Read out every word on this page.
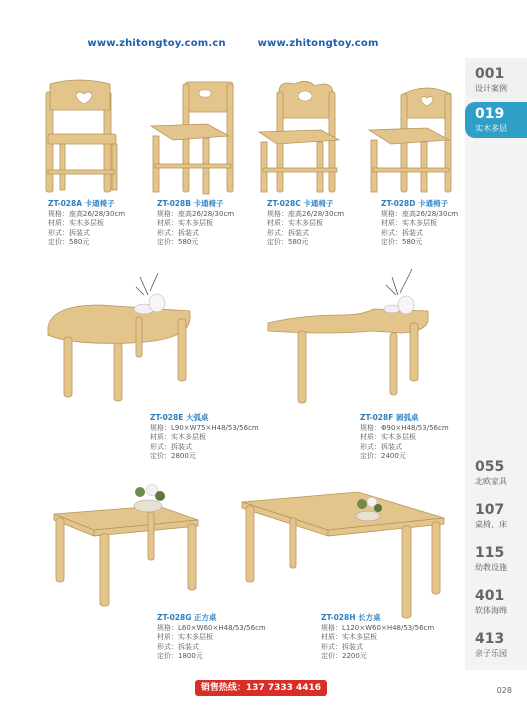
www.zhitongtoy.com.cn	www.zhitongtoy.com
001
设计案例
019
实木多层
055
北欧家具
107
桌椅、床
115
幼教设施
401
软体海绵
413
亲子乐园
ZT-028A 卡通椅子
规格：座高26/28/30cm
材质：实木多层板
形式：拆装式
定价：580元
ZT-028B 卡通椅子
规格：座高26/28/30cm
材质：实木多层板
形式：拆装式
定价：580元
ZT-028C 卡通椅子
规格：座高26/28/30cm
材质：实木多层板
形式：拆装式
定价：580元
ZT-028D 卡通椅子
规格：座高26/28/30cm
材质：实木多层板
形式：拆装式
定价：580元
ZT-028E 大弧桌
规格：L90×W75×H48/53/56cm
材质：实木多层板
形式：拆装式
定价：2800元
ZT-028F 圆弧桌
规格：Φ90×H48/53/56cm
材质：实木多层板
形式：拆装式
定价：2400元
ZT-028G 正方桌
规格：L60×W60×H48/53/56cm
材质：实木多层板
形式：拆装式
定价：1800元
ZT-028H 长方桌
规格：L120×W60×H48/53/56cm
材质：实木多层板
形式：拆装式
定价：2200元
销售热线：137 7333 4416	028
